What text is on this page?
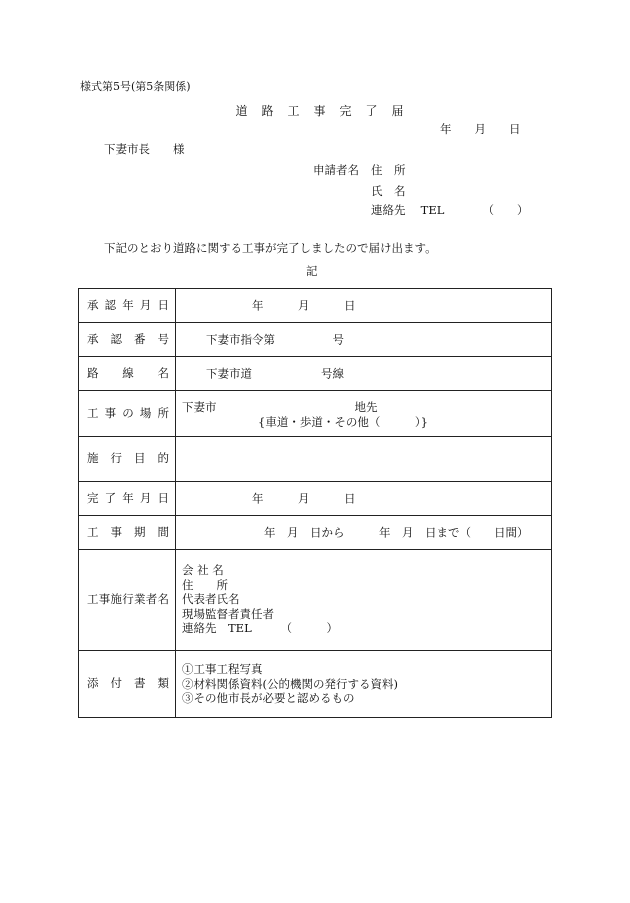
様式第5号(第5条関係)
道　路　工　事　完　了　届
年　　月　　日
下妻市長　　様
申請者名 住　所
氏　名
連絡先　 TEL　　　 （　　）
下記のとおり道路に関する工事が完了しましたので届け出ます。
記
承認年月日	年　　　月　　　日

承認番号	下妻市指令第　　　　　号

路線名	下妻市道　　　　　　号線

工事の場所	下妻市　　　　　　　　　　　　地先
{車道・歩道・その他（　　　）}

施行目的	

完了年月日	年　　　月　　　日

工事期間	年　月　日から　　　年　月　日まで（　　日間）

工事施行業者名	会 社 名
住　　所
代表者氏名
現場監督者責任者
連絡先　TEL　　　（　　　）

添付書類	①工事工程写真
②材料関係資料(公的機関の発行する資料)
③その他市長が必要と認めるもの
